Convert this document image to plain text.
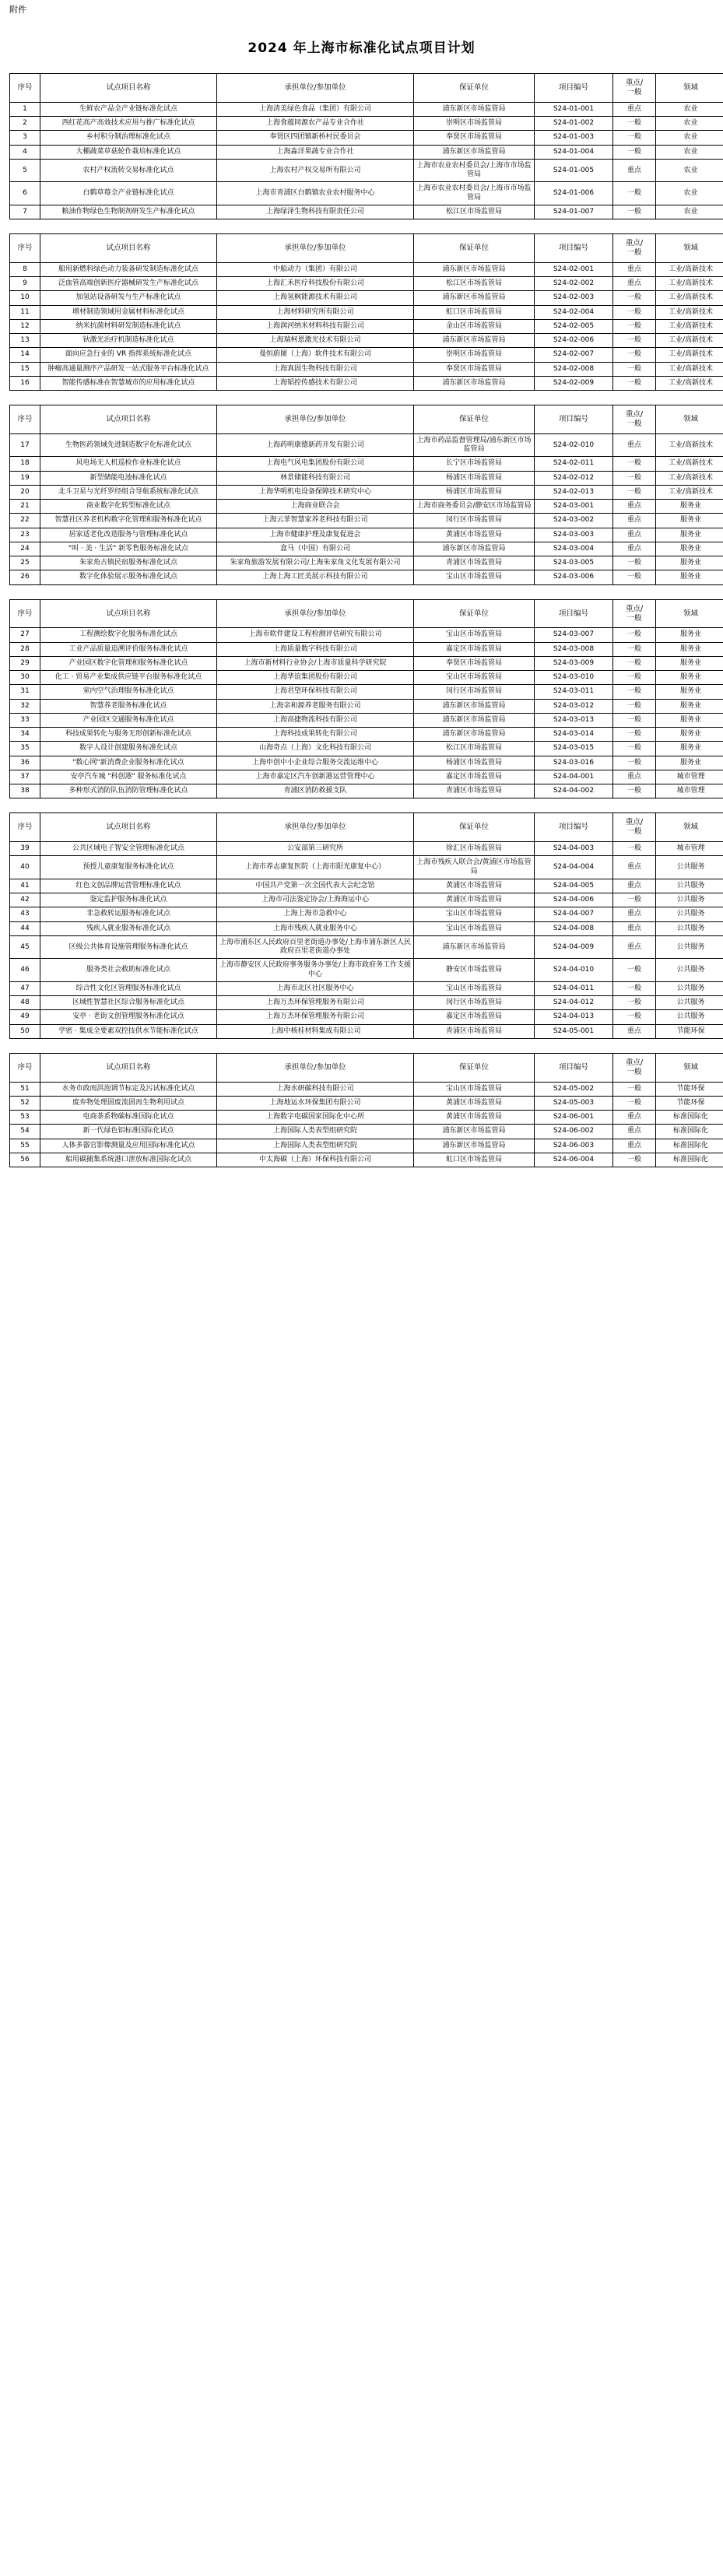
附件
2024 年上海市标准化试点项目计划
序号	试点项目名称	承担单位/参加单位	保证单位	项目编号	重点/
一般	领域
1	生鲜农产品全产业链标准化试点	上海清美绿色食品（集团）有限公司	浦东新区市场监管局	S24-01-001	重点	农业
2	西红花高产高效技术应用与推广标准化试点	上海食蕴同源农产品专业合作社	崇明区市场监管局	S24-01-002	一般	农业
3	乡村积分制治理标准化试点	奉贤区四团镇新桥村民委员会	奉贤区市场监管局	S24-01-003	一般	农业
4	大棚蔬菜草菇轮作栽培标准化试点	上海淼洋果蔬专业合作社	浦东新区市场监管局	S24-01-004	一般	农业
5	农村产权流转交易标准化试点	上海农村产权交易所有限公司	上海市农业农村委员会/上海市市场监管局	S24-01-005	重点	农业
6	白鹤草莓全产业链标准化试点	上海市青浦区白鹤镇农业农村服务中心	上海市农业农村委员会/上海市市场监管局	S24-01-006	一般	农业
7	粮油作物绿色生物制剂研发生产标准化试点	上海绿泽生物科技有限责任公司	松江区市场监管局	S24-01-007	一般	农业
序号	试点项目名称	承担单位/参加单位	保证单位	项目编号	重点/
一般	领域
8	船用新燃料绿色动力装备研发制造标准化试点	中船动力（集团）有限公司	浦东新区市场监管局	S24-02-001	重点	工业/高新技术
9	泛血管高端创新医疗器械研发生产标准化试点	上海汇禾医疗科技股份有限公司	松江区市场监管局	S24-02-002	重点	工业/高新技术
10	加氢站设备研发与生产标准化试点	上海氢枫能源技术有限公司	浦东新区市场监管局	S24-02-003	一般	工业/高新技术
11	增材制造领域用金属材料标准化试点	上海材料研究所有限公司	虹口区市场监管局	S24-02-004	一般	工业/高新技术
12	纳米抗菌材料研发制造标准化试点	上海润河纳米材料科技有限公司	金山区市场监管局	S24-02-005	一般	工业/高新技术
13	钬激光治疗机制造标准化试点	上海瑞柯恩激光技术有限公司	浦东新区市场监管局	S24-02-006	一般	工业/高新技术
14	面向应急行业的 VR 指挥系统标准化试点	曼恒蔚图（上海）软件技术有限公司	崇明区市场监管局	S24-02-007	一般	工业/高新技术
15	肿瘤高通量测序产品研发一站式服务平台标准化试点	上海真固生物科技有限公司	奉贤区市场监管局	S24-02-008	一般	工业/高新技术
16	智能传感标准在智慧城市的应用标准化试点	上海韬控传感技术有限公司	浦东新区市场监管局	S24-02-009	一般	工业/高新技术
序号	试点项目名称	承担单位/参加单位	保证单位	项目编号	重点/
一般	领域
17	生物医药领域先进制造数字化标准化试点	上海药明康德新药开发有限公司	上海市药品监督管理局/浦东新区市场监管局	S24-02-010	重点	工业/高新技术
18	风电场无人机巡检作业标准化试点	上海电气风电集团股份有限公司	长宁区市场监管局	S24-02-011	一般	工业/高新技术
19	新型储能电池标准化试点	林景储能科技有限公司	杨浦区市场监管局	S24-02-012	一般	工业/高新技术
20	北斗卫星与光纤罗经组合导航系统标准化试点	上海华明机电设备保障技术研究中心	杨浦区市场监管局	S24-02-013	一般	工业/高新技术
21	商业数字化转型标准化试点	上海商业联合会	上海市商务委员会/静安区市场监管局	S24-03-001	重点	服务业
22	智慧社区养老机构数字化管理和服务标准化试点	上海云菲智慧家养老科技有限公司	闵行区市场监管局	S24-03-002	重点	服务业
23	居家适老化改造服务与管理标准化试点	上海市健康护理及康复促进会	黄浦区市场监管局	S24-03-003	重点	服务业
24	"叫 · 美 · 生活" 新零售服务标准化试点	盒马（中国）有限公司	浦东新区市场监管局	S24-03-004	重点	服务业
25	朱家角古镇民宿服务标准化试点	朱家角旅游发展有限公司/上海朱家角文化发展有限公司	青浦区市场监管局	S24-03-005	一般	服务业
26	数字化体验展示服务标准化试点	上海上海工匠美展示科技有限公司	宝山区市场监管局	S24-03-006	一般	服务业
序号	试点项目名称	承担单位/参加单位	保证单位	项目编号	重点/
一般	领域
27	工程测绘数字化服务标准化试点	上海市软件建设工程检测评估研究有限公司	宝山区市场监管局	S24-03-007	一般	服务业
28	工业产品质量追溯评价服务标准化试点	上海质量数字科技有限公司	嘉定区市场监管局	S24-03-008	一般	服务业
29	产业园区数字化管理和服务标准化试点	上海市新材料行业协会/上海市质量科学研究院	奉贤区市场监管局	S24-03-009	一般	服务业
30	化工 · 贸易产业集成供应链平台服务标准化试点	上海华谊集团股份有限公司	宝山区市场监管局	S24-03-010	一般	服务业
31	室内空气治理服务标准化试点	上海君望环保科技有限公司	闵行区市场监管局	S24-03-011	一般	服务业
32	智慧养老服务标准化试点	上海亲和源养老服务有限公司	浦东新区市场监管局	S24-03-012	一般	服务业
33	产业园区交通服务标准化试点	上海高捷物流科技有限公司	浦东新区市场监管局	S24-03-013	一般	服务业
34	科技成果转化与服务无形创新标准化试点	上海科技成果转化有限公司	浦东新区市场监管局	S24-03-014	一般	服务业
35	数字人设计创建服务标准化试点	山海奇点（上海）文化科技有限公司	松江区市场监管局	S24-03-015	一般	服务业
36	"数心网"新消费企业服务标准化试点	上海申创中小企业综合服务交流运维中心	杨浦区市场监管局	S24-03-016	一般	服务业
37	安亭汽车城 "科创港" 服务标准化试点	上海市嘉定区汽车创新港运营管理中心	嘉定区市场监管局	S24-04-001	重点	城市管理
38	多种形式消防队伍消防管理标准化试点	青浦区消防救援支队	青浦区市场监管局	S24-04-002	一般	城市管理
序号	试点项目名称	承担单位/参加单位	保证单位	项目编号	重点/
一般	领域
39	公共区域电子智安全管理标准化试点	公安部第三研究所	徐汇区市场监管局	S24-04-003	一般	城市管理
40	预授儿童康复服务标准化试点	上海市养志康复医院（上海市阳光康复中心）	上海市残疾人联合会/黄浦区市场监管局	S24-04-004	重点	公共服务
41	红色文创品牌运营管理标准化试点	中国共产党第一次全国代表大会纪念馆	黄浦区市场监管局	S24-04-005	重点	公共服务
42	鉴定监护服务标准化试点	上海市司法鉴定协会/上海海运中心	黄浦区市场监管局	S24-04-006	一般	公共服务
43	非急救转运服务标准化试点	上海上海市急救中心	宝山区市场监管局	S24-04-007	重点	公共服务
44	残疾人就业服务标准化试点	上海市残疾人就业服务中心	宝山区市场监管局	S24-04-008	重点	公共服务
45	区级公共体育设施管理服务标准化试点	上海市浦东区人民政府百里老街道办事处/上海市浦东新区人民政府百里老街道办事处	浦东新区市场监管局	S24-04-009	重点	公共服务
46	服务类社会救助标准化试点	上海市静安区人民政府事务服务办事处/上海市政府务工作支援中心	静安区市场监管局	S24-04-010	一般	公共服务
47	综合性文化区管理服务标准化试点	上海市北区社区服务中心	宝山区市场监管局	S24-04-011	一般	公共服务
48	区域性智慧社区综合服务标准化试点	上海万杰环保管理服务有限公司	闵行区市场监管局	S24-04-012	一般	公共服务
49	安亭 · 老街文创管理服务标准化试点	上海万杰环保管理服务有限公司	嘉定区市场监管局	S24-04-013	一般	公共服务
50	学密 · 集成全要素双控技供水节能标准化试点	上海中核桂材料集成有限公司	青浦区市场监管局	S24-05-001	重点	节能环保
序号	试点项目名称	承担单位/参加单位	保证单位	项目编号	重点/
一般	领域
51	水务市政雨洪泡调节标定及污试标准化试点	上海水研碳科技有限公司	宝山区市场监管局	S24-05-002	一般	节能环保
52	废弃物处理固废流固再生物利用试点	上海地运水环保集团有限公司	黄浦区市场监管局	S24-05-003	一般	节能环保
53	电商茶系物碳标准国际化试点	上海数字电碳国家国际化中心所	黄浦区市场监管局	S24-06-001	重点	标准国际化
54	新一代绿色铝标准国际化试点	上海国际人类表型组研究院	浦东新区市场监管局	S24-06-002	重点	标准国际化
55	人体多器官影像测量及应用国际标准化试点	上海国际人类表型组研究院	浦东新区市场监管局	S24-06-003	重点	标准国际化
56	船用碳捕集系统港口泄放标准国际化试点	中太海碳（上海）环保科技有限公司	虹口区市场监管局	S24-06-004	一般	标准国际化
